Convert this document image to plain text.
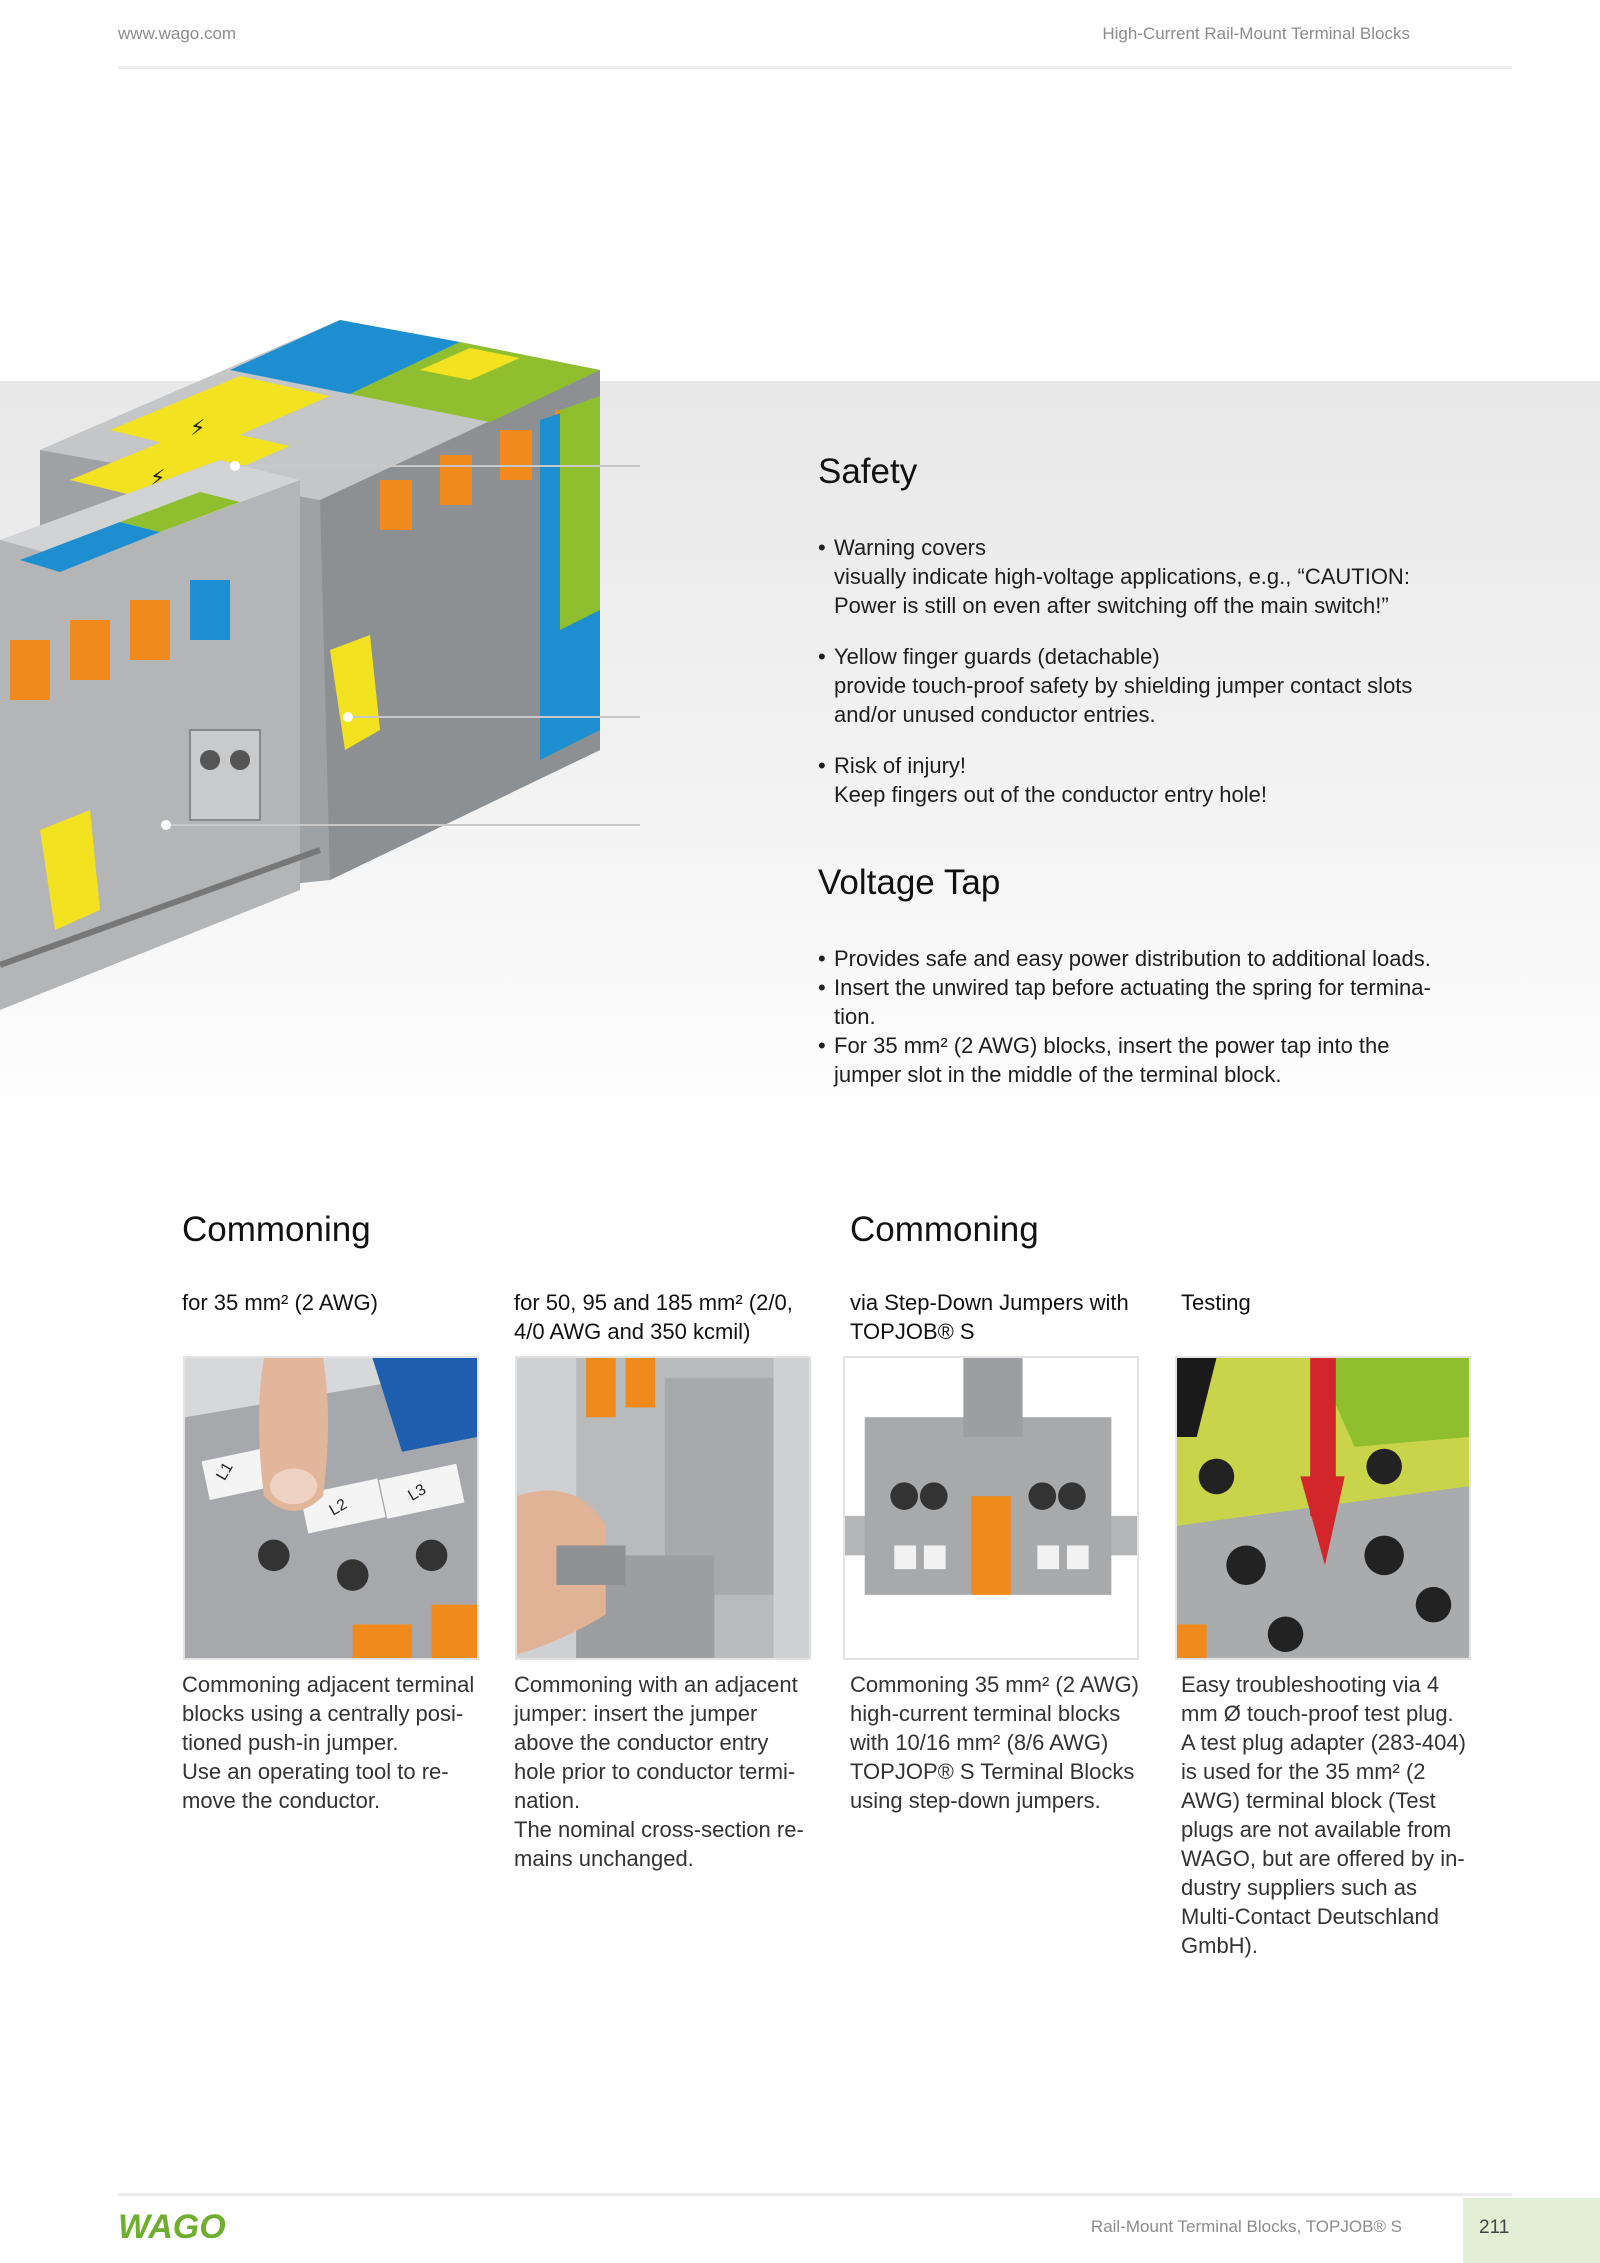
www.wago.com	High-Current Rail-Mount Terminal Blocks
⚡
⚡	Safety
• Warning covers
visually indicate high-voltage applications, e.g., “CAUTION: Power is still on even after switching off the main switch!”
• Yellow finger guards (detachable)
provide touch-proof safety by shielding jumper contact slots and/or unused conductor entries.
• Risk of injury!
Keep fingers out of the conductor entry hole!
Voltage Tap
• Provides safe and easy power distribution to additional loads.
• Insert the unwired tap before actuating the spring for termina- tion.
• For 35 mm² (2 AWG) blocks, insert the power tap into the jumper slot in the middle of the terminal block.
Commoning	Commoning
for 35 mm² (2 AWG)	for 50, 95 and 185 mm² (2/0, 4/0 AWG and 350 kcmil)
via Step-Down Jumpers with TOPJOB® S
Testing
L1
L2
L3
Commoning adjacent terminal
blocks using a centrally posi-
tioned push-in jumper.
Use an operating tool to re-
move the conductor.
Commoning with an adjacent
jumper: insert the jumper
above the conductor entry
hole prior to conductor termi-
nation.
The nominal cross-section re-
mains unchanged.
Commoning 35 mm² (2 AWG)
high-current terminal blocks
with 10/16 mm² (8/6 AWG)
TOPJOP® S Terminal Blocks
using step-down jumpers.
Easy troubleshooting via 4
mm Ø touch-proof test plug.
A test plug adapter (283-404)
is used for the 35 mm² (2
AWG) terminal block (Test
plugs are not available from
WAGO, but are offered by in-
dustry suppliers such as
Multi-Contact Deutschland
GmbH).
WAGO	Rail-Mount Terminal Blocks, TOPJOB® S	211
